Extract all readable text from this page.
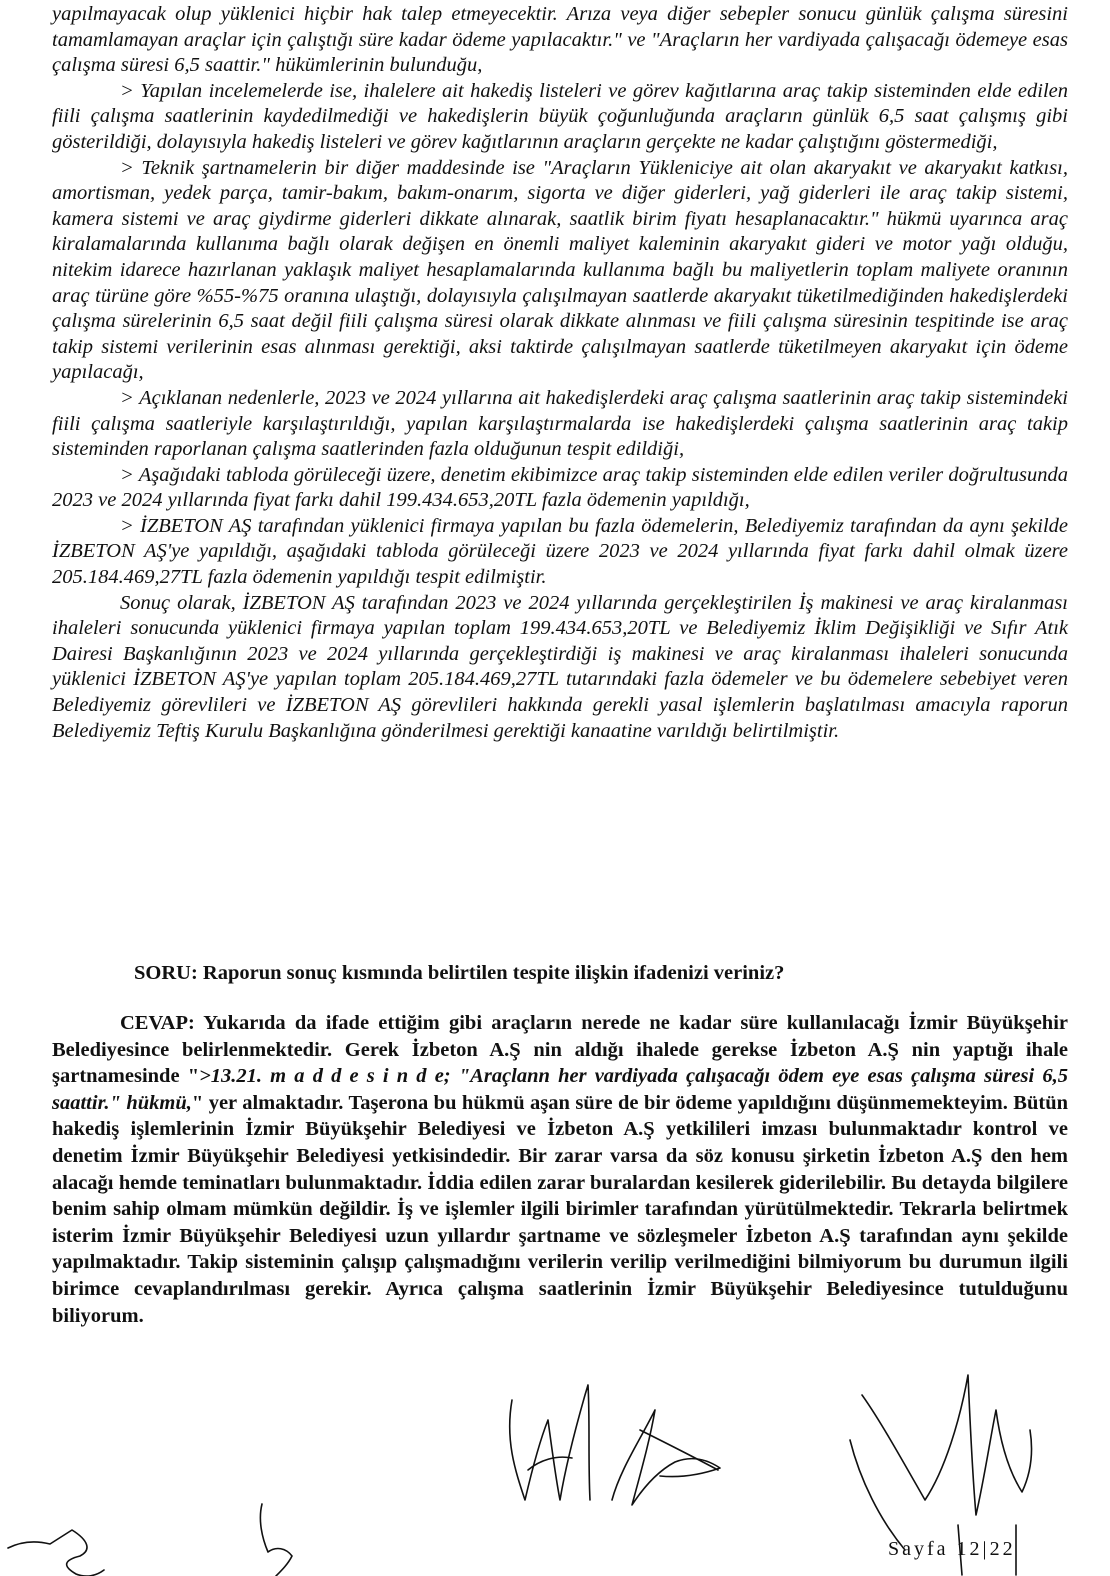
yapılmayacak olup yüklenici hiçbir hak talep etmeyecektir. Arıza veya diğer sebepler sonucu günlük çalışma süresini tamamlamayan araçlar için çalıştığı süre kadar ödeme yapılacaktır." ve "Araçların her vardiyada çalışacağı ödemeye esas çalışma süresi 6,5 saattir." hükümlerinin bulunduğu,

> Yapılan incelemelerde ise, ihalelere ait hakediş listeleri ve görev kağıtlarına araç takip sisteminden elde edilen fiili çalışma saatlerinin kaydedilmediği ve hakedişlerin büyük çoğunluğunda araçların günlük 6,5 saat çalışmış gibi gösterildiği, dolayısıyla hakediş listeleri ve görev kağıtlarının araçların gerçekte ne kadar çalıştığını göstermediği,

> Teknik şartnamelerin bir diğer maddesinde ise "Araçların Yükleniciye ait olan akaryakıt ve akaryakıt katkısı, amortisman, yedek parça, tamir-bakım, bakım-onarım, sigorta ve diğer giderleri, yağ giderleri ile araç takip sistemi, kamera sistemi ve araç giydirme giderleri dikkate alınarak, saatlik birim fiyatı hesaplanacaktır." hükmü uyarınca araç kiralamalarında kullanıma bağlı olarak değişen en önemli maliyet kaleminin akaryakıt gideri ve motor yağı olduğu, nitekim idarece hazırlanan yaklaşık maliyet hesaplamalarında kullanıma bağlı bu maliyetlerin toplam maliyete oranının araç türüne göre %55-%75 oranına ulaştığı, dolayısıyla çalışılmayan saatlerde akaryakıt tüketilmediğinden hakedişlerdeki çalışma sürelerinin 6,5 saat değil fiili çalışma süresi olarak dikkate alınması ve fiili çalışma süresinin tespitinde ise araç takip sistemi verilerinin esas alınması gerektiği, aksi taktirde çalışılmayan saatlerde tüketilmeyen akaryakıt için ödeme yapılacağı,

> Açıklanan nedenlerle, 2023 ve 2024 yıllarına ait hakedişlerdeki araç çalışma saatlerinin araç takip sistemindeki fiili çalışma saatleriyle karşılaştırıldığı, yapılan karşılaştırmalarda ise hakedişlerdeki çalışma saatlerinin araç takip sisteminden raporlanan çalışma saatlerinden fazla olduğunun tespit edildiği,

> Aşağıdaki tabloda görüleceği üzere, denetim ekibimizce araç takip sisteminden elde edilen veriler doğrultusunda 2023 ve 2024 yıllarında fiyat farkı dahil 199.434.653,20TL fazla ödemenin yapıldığı,

> İZBETON AŞ tarafından yüklenici firmaya yapılan bu fazla ödemelerin, Belediyemiz tarafından da aynı şekilde İZBETON AŞ'ye yapıldığı, aşağıdaki tabloda görüleceği üzere 2023 ve 2024 yıllarında fiyat farkı dahil olmak üzere 205.184.469,27TL fazla ödemenin yapıldığı tespit edilmiştir.

Sonuç olarak, İZBETON AŞ tarafından 2023 ve 2024 yıllarında gerçekleştirilen İş makinesi ve araç kiralanması ihaleleri sonucunda yüklenici firmaya yapılan toplam 199.434.653,20TL ve Belediyemiz İklim Değişikliği ve Sıfır Atık Dairesi Başkanlığının 2023 ve 2024 yıllarında gerçekleştirdiği iş makinesi ve araç kiralanması ihaleleri sonucunda yüklenici İZBETON AŞ'ye yapılan toplam 205.184.469,27TL tutarındaki fazla ödemeler ve bu ödemelere sebebiyet veren Belediyemiz görevlileri ve İZBETON AŞ görevlileri hakkında gerekli yasal işlemlerin başlatılması amacıyla raporun Belediyemiz Teftiş Kurulu Başkanlığına gönderilmesi gerektiği kanaatine varıldığı belirtilmiştir.

SORU: Raporun sonuç kısmında belirtilen tespite ilişkin ifadenizi veriniz?
CEVAP: Yukarıda da ifade ettiğim gibi araçların nerede ne kadar süre kullanılacağı İzmir Büyükşehir Belediyesince belirlenmektedir. Gerek İzbeton A.Ş nin aldığı ihalede gerekse İzbeton A.Ş nin yaptığı ihale şartnamesinde ">13.21. m a d d e s i n d e; "Araçlann her vardiyada çalışacağı ödem eye esas çalışma süresi 6,5 saattir." hükmü," yer almaktadır. Taşerona bu hükmü aşan süre de bir ödeme yapıldığını düşünmemekteyim. Bütün hakediş işlemlerinin İzmir Büyükşehir Belediyesi ve İzbeton A.Ş yetkilileri imzası bulunmaktadır kontrol ve denetim İzmir Büyükşehir Belediyesi yetkisindedir. Bir zarar varsa da söz konusu şirketin İzbeton A.Ş den hem alacağı hemde teminatları bulunmaktadır. İddia edilen zarar buralardan kesilerek giderilebilir. Bu detayda bilgilere benim sahip olmam mümkün değildir. İş ve işlemler ilgili birimler tarafından yürütülmektedir. Tekrarla belirtmek isterim İzmir Büyükşehir Belediyesi uzun yıllardır şartname ve sözleşmeler İzbeton A.Ş tarafından aynı şekilde yapılmaktadır. Takip sisteminin çalışıp çalışmadığını verilerin verilip verilmediğini bilmiyorum bu durumun ilgili birimce cevaplandırılması gerekir. Ayrıca çalışma saatlerinin İzmir Büyükşehir Belediyesince tutulduğunu biliyorum.
Sayfa 12|22
